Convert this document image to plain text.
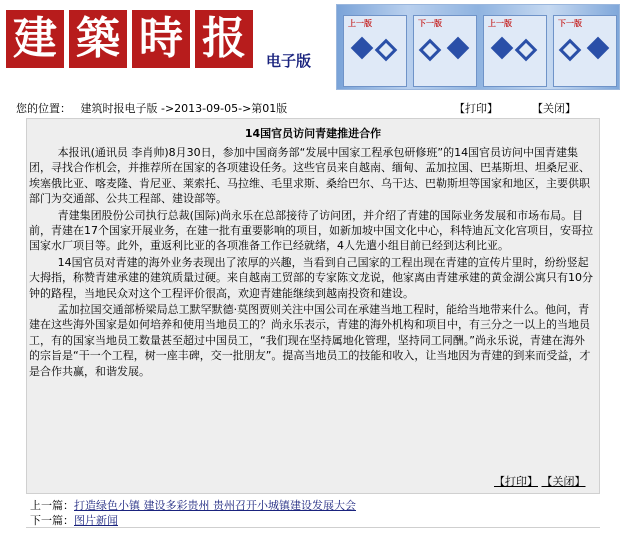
建 築 時 报	电子版
上一版	下一版	上一版	下一版
您的位置： 建筑时报电子版 ->2013-09-05->第01版	【打印】	【关闭】
14国官员访问青建推进合作

本报讯(通讯员 李肖帅)8月30日，参加中国商务部“发展中国家工程承包研修班”的14国官员访问中国青建集团，寻找合作机会，并推荐所在国家的各项建设任务。这些官员来自越南、缅甸、孟加拉国、巴基斯坦、坦桑尼亚、埃塞俄比亚、喀麦隆、肯尼亚、莱索托、马拉维、毛里求斯、桑给巴尔、乌干达、巴勒斯坦等国家和地区，主要供职部门为交通部、公共工程部、建设部等。

青建集团股份公司执行总裁(国际)尚永乐在总部接待了访问团，并介绍了青建的国际业务发展和市场布局。目前，青建在17个国家开展业务，在建一批有重要影响的项目，如新加坡中国文化中心，科特迪瓦文化宫项目，安哥拉国家水厂项目等。此外，重返利比亚的各项准备工作已经就绪，4人先遣小组目前已经到达利比亚。

14国官员对青建的海外业务表现出了浓厚的兴趣，当看到自己国家的工程出现在青建的宣传片里时，纷纷竖起大拇指，称赞青建承建的建筑质量过硬。来自越南工贸部的专家陈文龙说，他家离由青建承建的黄金湖公寓只有10分钟的路程，当地民众对这个工程评价很高，欢迎青建能继续到越南投资和建设。

孟加拉国交通部桥梁局总工默罕默德·莫图贾则关注中国公司在承建当地工程时，能给当地带来什么。他问，青建在这些海外国家是如何培养和使用当地员工的？尚永乐表示，青建的海外机构和项目中，有三分之一以上的当地员工，有的国家当地员工数量甚至超过中国员工，“我们现在坚持属地化管理，坚持同工同酬。”尚永乐说，青建在海外的宗旨是“干一个工程，树一座丰碑，交一批朋友”。提高当地员工的技能和收入，让当地因为青建的到来而受益，才是合作共赢，和谐发展。

【打印】 【关闭】
上一篇：打造绿色小镇 建设多彩贵州 贵州召开小城镇建设发展大会
下一篇：图片新闻
